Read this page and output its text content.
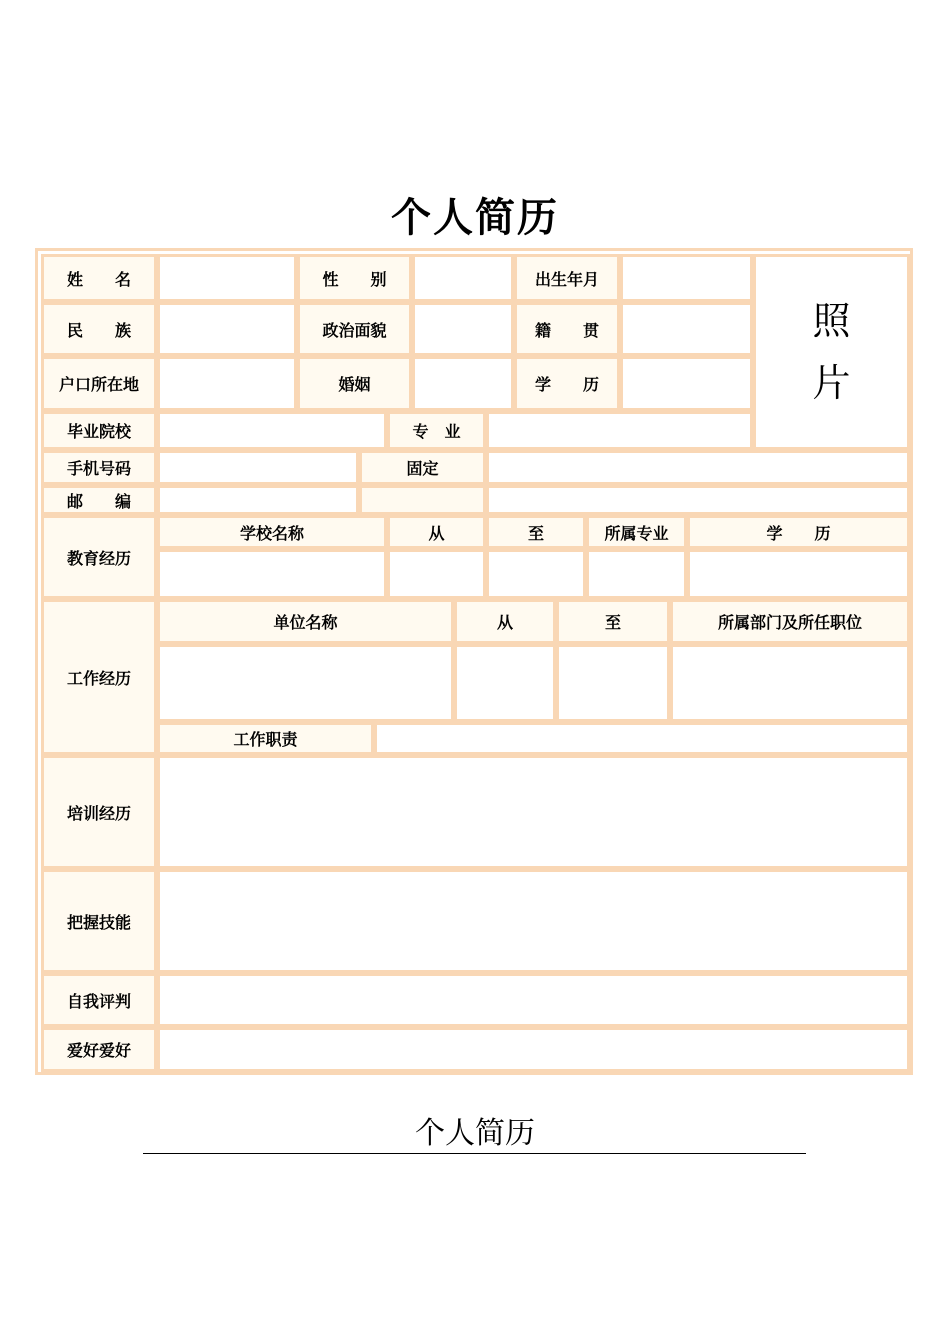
个人简历
姓　　名	性　　别	出生年月
照
片
民　　族	政治面貌	籍　　贯
户口所在地	婚姻	学　　历
毕业院校	专　业
手机号码	固定
邮　　编
教育经历
学校名称	从	至	所属专业	学　　历
工作经历
单位名称	从	至	所属部门及所任职位
工作职责
培训经历
把握技能
自我评判
爱好爱好
个人简历
